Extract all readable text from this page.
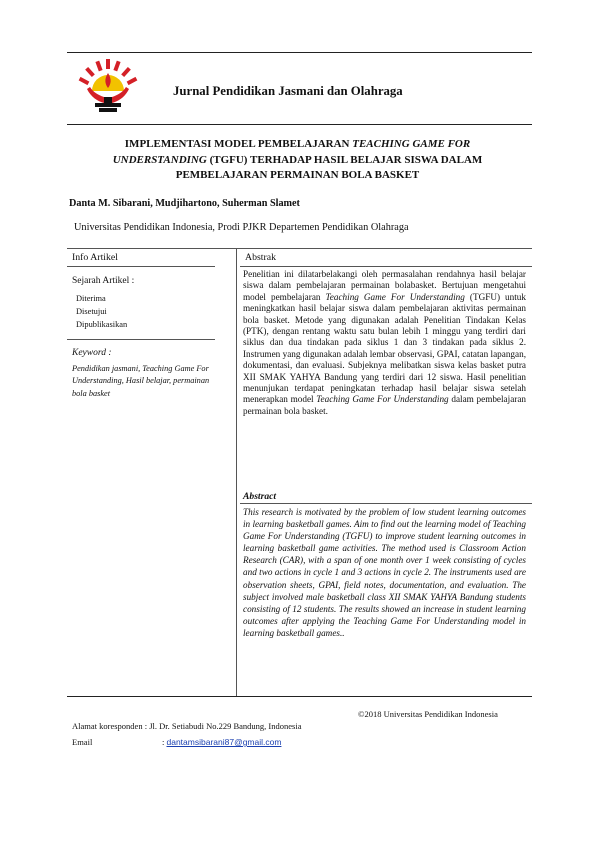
Jurnal Pendidikan Jasmani dan Olahraga
IMPLEMENTASI MODEL PEMBELAJARAN TEACHING GAME FOR
UNDERSTANDING (TGFU) TERHADAP HASIL BELAJAR SISWA DALAM
PEMBELAJARAN PERMAINAN BOLA BASKET
Danta M. Sibarani, Mudjihartono, Suherman Slamet
Universitas Pendidikan Indonesia, Prodi PJKR Departemen Pendidikan Olahraga
Info Artikel	Abstrak
Sejarah Artikel :
Diterima
Disetujui
Dipublikasikan
Keyword :
Pendidikan jasmani, Teaching Game For Understanding, Hasil belajar, permainan bola basket
Penelitian ini dilatarbelakangi oleh permasalahan rendahnya hasil belajar siswa dalam pembelajaran permainan bolabasket. Bertujuan mengetahui model pembelajaran Teaching Game For Understanding (TGFU) untuk meningkatkan hasil belajar siswa dalam pembelajaran aktivitas permainan bola basket. Metode yang digunakan adalah Penelitian Tindakan Kelas (PTK), dengan rentang waktu satu bulan lebih 1 minggu yang terdiri dari siklus dan dua tindakan pada siklus 1 dan 3 tindakan pada siklus 2. Instrumen yang digunakan adalah lembar observasi, GPAI, catatan lapangan, dokumentasi, dan evaluasi. Subjeknya melibatkan siswa kelas basket putra XII SMAK YAHYA Bandung yang terdiri dari 12 siswa. Hasil penelitian menunjukan terdapat peningkatan terhadap hasil belajar siswa setelah menerapkan model Teaching Game For Understanding dalam pembelajaran permainan bola basket.
Abstract
This research is motivated by the problem of low student learning outcomes in learning basketball games. Aim to find out the learning model of Teaching Game For Understanding (TGFU) to improve student learning outcomes in learning basketball game activities. The method used is Classroom Action Research (CAR), with a span of one month over 1 week consisting of cycles and two actions in cycle 1 and 3 actions in cycle 2. The instruments used are observation sheets, GPAI, field notes, documentation, and evaluation. The subject involved male basketball class XII SMAK YAHYA Bandung students consisting of 12 students. The results showed an increase in student learning outcomes after applying the Teaching Game For Understanding model in learning basketball games..
©2018 Universitas Pendidikan Indonesia
Alamat koresponden : Jl. Dr. Setiabudi No.229 Bandung, Indonesia
Email	: dantamsibarani87@gmail.com
